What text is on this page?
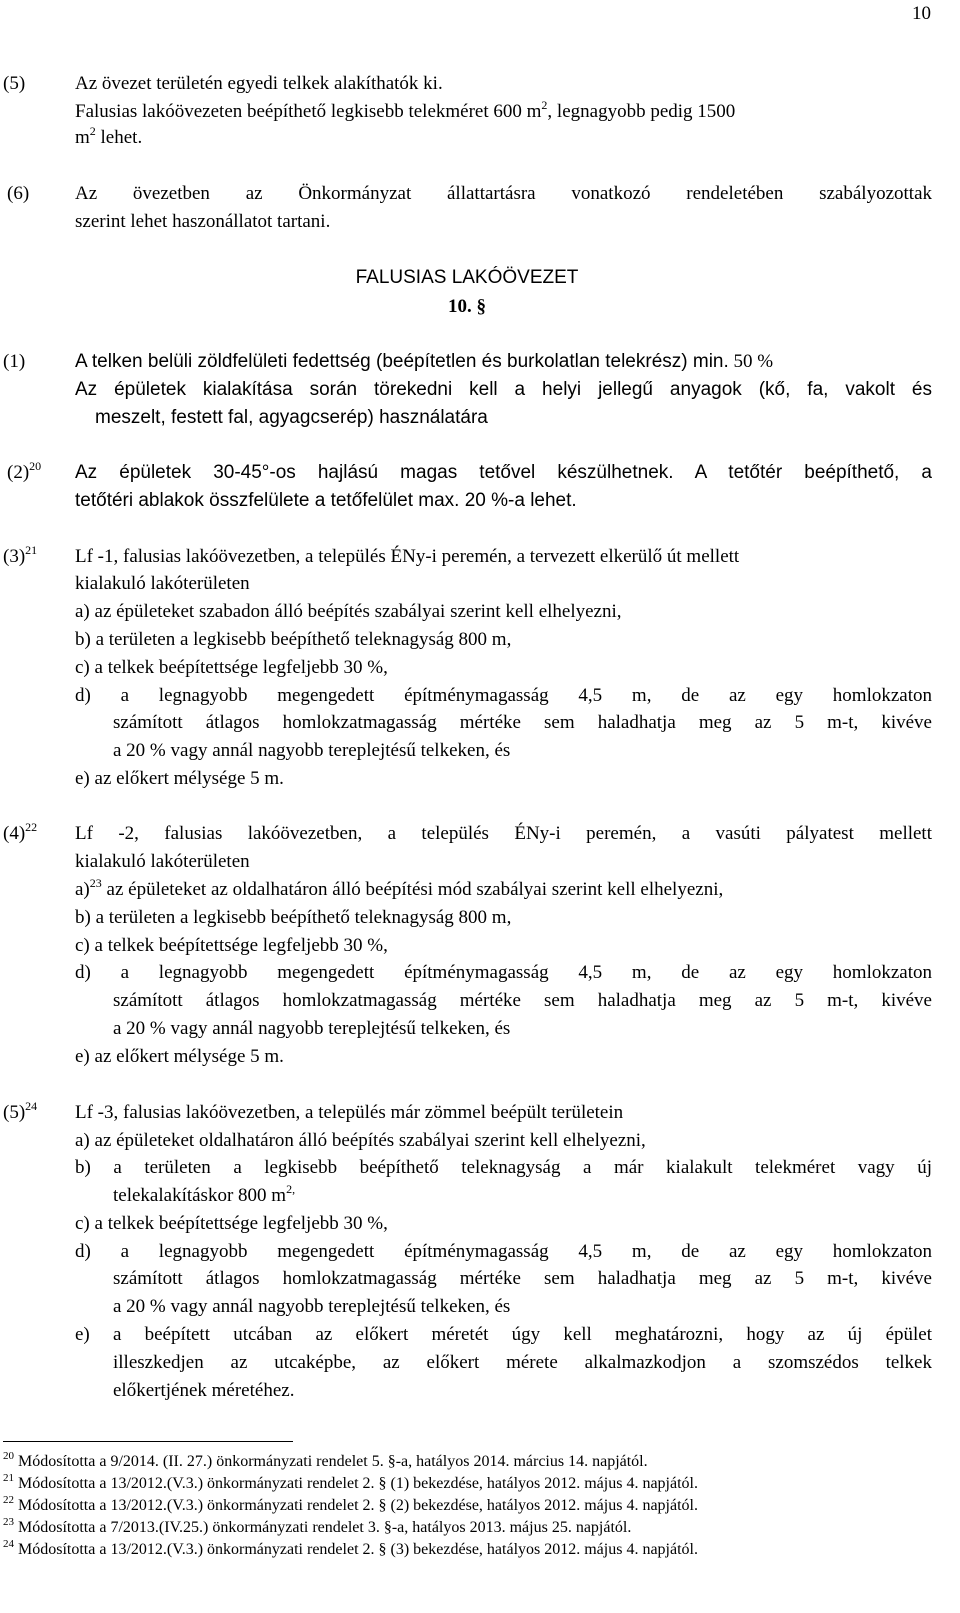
10
(5)	Az övezet területén egyedi telkek alakíthatók ki.
Falusias lakóövezeten beépíthető legkisebb telekméret 600 $m^2$, legnagyobb pedig 1500
$m^2$ lehet.
(6) Az övezetben az Önkormányzat állattartásra vonatkozó rendeletében szabályozottak
szerint lehet haszonállatot tartani.
FALUSIAS LAKÓÖVEZET
10. §
(1)	A telken belüli zöldfelületi fedettség (beépítetlen és burkolatlan telekrész) min. 50 %
Az épületek kialakítása során törekedni kell a helyi jellegű anyagok (kő, fa, vakolt és
meszelt, festett fal, agyagcserép) használatára
$(2)^{20}$ Az épületek 30-45°-os hajlású magas tetővel készülhetnek. A tetőtér beépíthető, a
tetőtéri ablakok összfelülete a tetőfelület max. 20 %-a lehet.
$(3)^{21}$ Lf -1, falusias lakóövezetben, a település ÉNy-i peremén, a tervezett elkerülő út mellett
kialakuló lakóterületen
a) az épületeket szabadon álló beépítés szabályai szerint kell elhelyezni,
b) a területen a legkisebb beépíthető teleknagyság 800 m,
c) a telkek beépítettsége legfeljebb 30 %,
d) a legnagyobb megengedett építménymagasság 4,5 m, de az egy homlokzaton
számított átlagos homlokzatmagasság mértéke sem haladhatja meg az 5 m-t, kivéve
a 20 % vagy annál nagyobb tereplejtésű telkeken, és
e) az előkert mélysége 5 m.
$(4)^{22}$ Lf -2, falusias lakóövezetben, a település ÉNy-i peremén, a vasúti pályatest mellett
kialakuló lakóterületen
a)$^{23}$ az épületeket az oldalhatáron álló beépítési mód szabályai szerint kell elhelyezni,
b) a területen a legkisebb beépíthető teleknagyság 800 m,
c) a telkek beépítettsége legfeljebb 30 %,
d) a legnagyobb megengedett építménymagasság 4,5 m, de az egy homlokzaton
számított átlagos homlokzatmagasság mértéke sem haladhatja meg az 5 m-t, kivéve
a 20 % vagy annál nagyobb tereplejtésű telkeken, és
e) az előkert mélysége 5 m.
$(5)^{24}$ Lf -3, falusias lakóövezetben, a település már zömmel beépült területein
a) az épületeket oldalhatáron álló beépítés szabályai szerint kell elhelyezni,
b) a területen a legkisebb beépíthető teleknagyság a már kialakult telekméret vagy új
telekalakításkor 800 $m^{2,}$
c) a telkek beépítettsége legfeljebb 30 %,
d) a legnagyobb megengedett építménymagasság 4,5 m, de az egy homlokzaton
számított átlagos homlokzatmagasság mértéke sem haladhatja meg az 5 m-t, kivéve
a 20 % vagy annál nagyobb tereplejtésű telkeken, és
e) a beépített utcában az előkert méretét úgy kell meghatározni, hogy az új épület
illeszkedjen az utcaképbe, az előkert mérete alkalmazkodjon a szomszédos telkek
előkertjének méretéhez.
$^{20}$ Módosította a 9/2014. (II. 27.) önkormányzati rendelet 5. §-a, hatályos 2014. március 14. napjától.
$^{21}$ Módosította a 13/2012.(V.3.) önkormányzati rendelet 2. § (1) bekezdése, hatályos 2012. május 4. napjától.
$^{22}$ Módosította a 13/2012.(V.3.) önkormányzati rendelet 2. § (2) bekezdése, hatályos 2012. május 4. napjától.
$^{23}$ Módosította a 7/2013.(IV.25.) önkormányzati rendelet 3. §-a, hatályos 2013. május 25. napjától.
$^{24}$ Módosította a 13/2012.(V.3.) önkormányzati rendelet 2. § (3) bekezdése, hatályos 2012. május 4. napjától.
